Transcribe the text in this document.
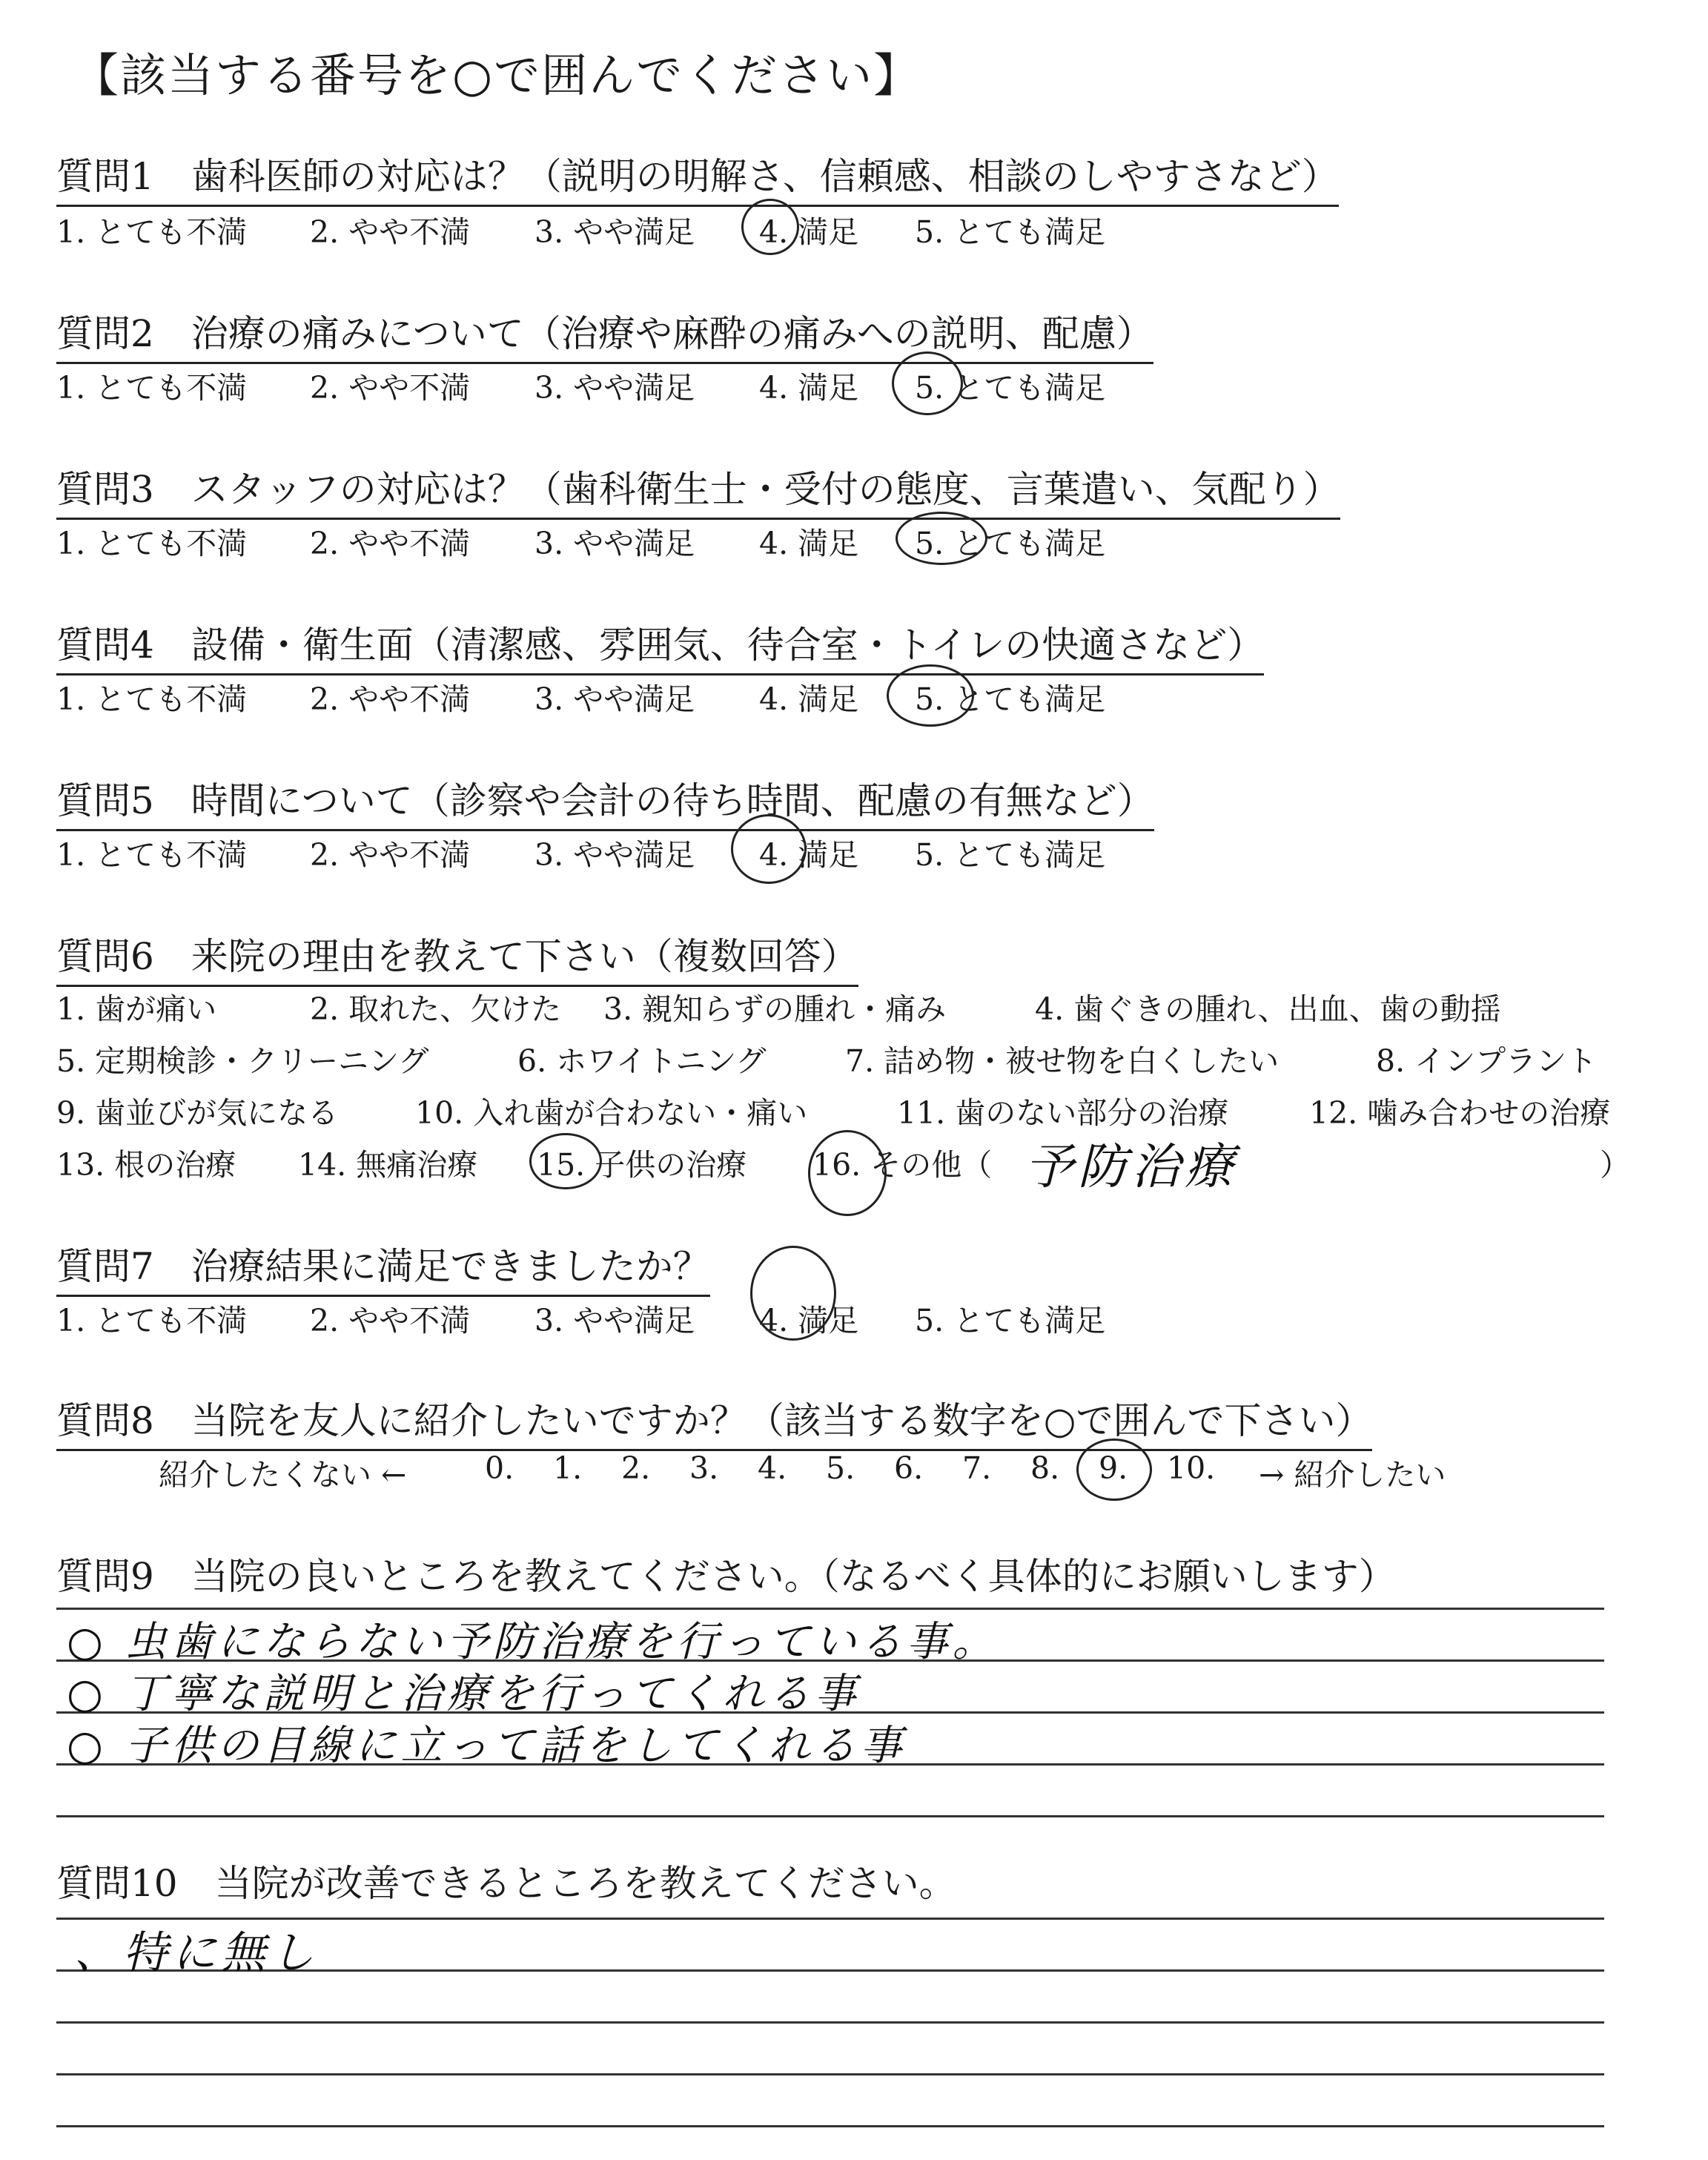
【該当する番号を○で囲んでください】
質問1　歯科医師の対応は？（説明の明解さ、信頼感、相談のしやすさなど）
1. とても不満 2. やや不満 3. やや満足 4. 満足 5. とても満足
質問2　治療の痛みについて（治療や麻酔の痛みへの説明、配慮）
1. とても不満 2. やや不満 3. やや満足 4. 満足 5. とても満足
質問3　スタッフの対応は？（歯科衛生士・受付の態度、言葉遣い、気配り）
1. とても不満 2. やや不満 3. やや満足 4. 満足 5. とても満足
質問4　設備・衛生面（清潔感、雰囲気、待合室・トイレの快適さなど）
1. とても不満 2. やや不満 3. やや満足 4. 満足 5. とても満足
質問5　時間について（診察や会計の待ち時間、配慮の有無など）
1. とても不満 2. やや不満 3. やや満足 4. 満足 5. とても満足
質問6　来院の理由を教えて下さい（複数回答）
1. 歯が痛い	2. 取れた、欠けた 3. 親知らずの腫れ・痛み	4. 歯ぐきの腫れ、出血、歯の動揺
5. 定期検診・クリーニング	6. ホワイトニング	7. 詰め物・被せ物を白くしたい	8. インプラント
9. 歯並びが気になる	10. 入れ歯が合わない・痛い	11. 歯のない部分の治療	12. 噛み合わせの治療
13. 根の治療 14. 無痛治療 15. 子供の治療 16. その他（	）
予防治療
質問7　治療結果に満足できましたか？
1. とても不満 2. やや不満 3. やや満足 4. 満足 5. とても満足
質問8　当院を友人に紹介したいですか？（該当する数字を○で囲んで下さい）
紹介したくない ←	0. 1. 2. 3. 4. 5. 6. 7. 8. 9. 10. → 紹介したい
質問9　当院の良いところを教えてください。（なるべく具体的にお願いします）
○ 虫歯にならない予防治療を行っている事。
○ 丁寧な説明と治療を行ってくれる事
○ 子供の目線に立って話をしてくれる事
質問10　当院が改善できるところを教えてください。
、特に無し
